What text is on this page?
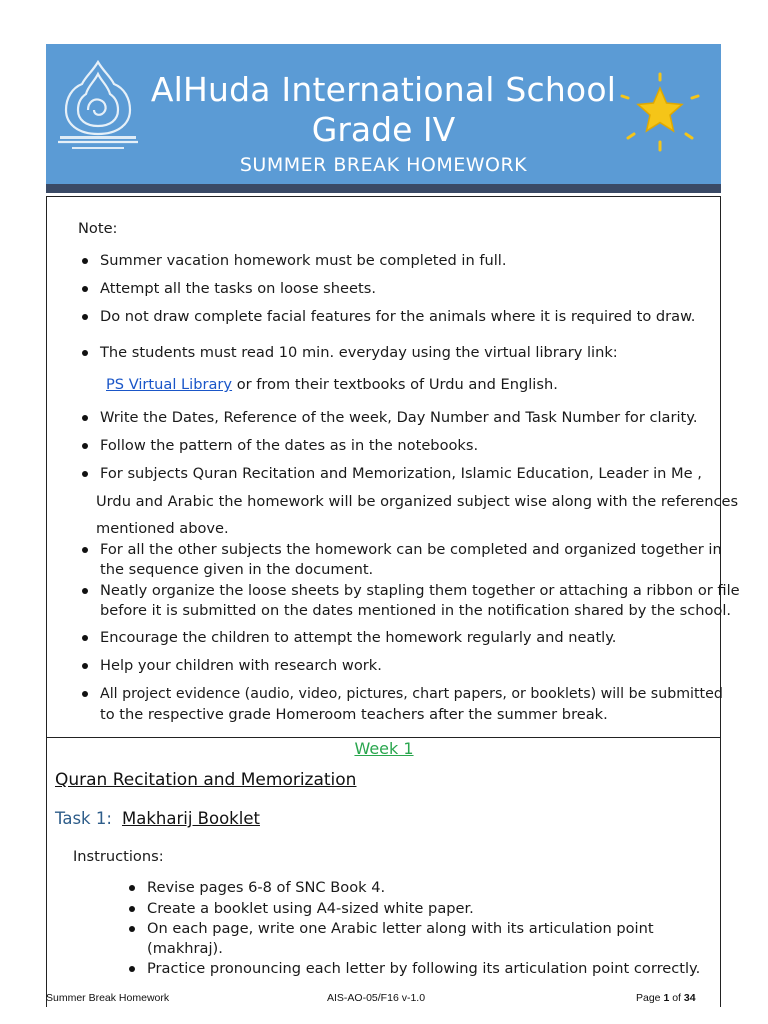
AlHuda International School
Grade IV
SUMMER BREAK HOMEWORK
Note:
Summer vacation homework must be completed in full.
Attempt all the tasks on loose sheets.
Do not draw complete facial features for the animals where it is required to draw.
The students must read 10 min. everyday using the virtual library link:
PS Virtual Library or from their textbooks of Urdu and English.
Write the Dates, Reference of the week, Day Number and Task Number for clarity.
Follow the pattern of the dates as in the notebooks.
For subjects Quran Recitation and Memorization, Islamic Education, Leader in Me ,
Urdu and Arabic the homework will be organized subject wise along with the references
mentioned above.
For all the other subjects the homework can be completed and organized together in
the sequence given in the document.
Neatly organize the loose sheets by stapling them together or attaching a ribbon or file
before it is submitted on the dates mentioned in the notification shared by the school.
Encourage the children to attempt the homework regularly and neatly.
Help your children with research work.
All project evidence (audio, video, pictures, chart papers, or booklets) will be submitted
to the respective grade Homeroom teachers after the summer break.
Week 1
Quran Recitation and Memorization
Task 1: Makharij Booklet
Instructions:
Revise pages 6-8 of SNC Book 4.
Create a booklet using A4-sized white paper.
On each page, write one Arabic letter along with its articulation point
(makhraj).
Practice pronouncing each letter by following its articulation point correctly.
Summer Break Homework	AIS-AO-05/F16 v-1.0	Page 1 of 34
